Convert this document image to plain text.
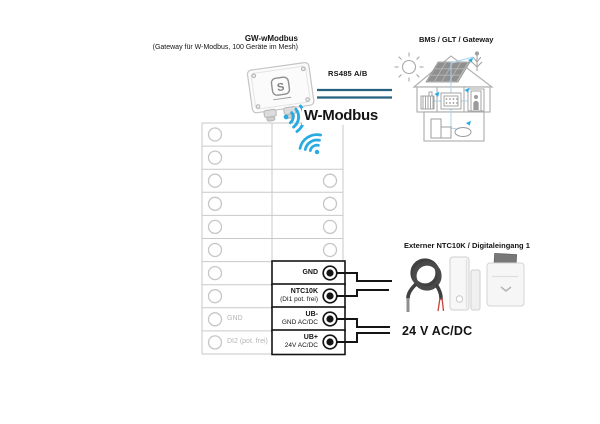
S
GW-wModbus
(Gateway für W-Modbus, 100 Geräte im Mesh)
RS485 A/B
W-Modbus
BMS / GLT / Gateway
Externer NTC10K / Digitaleingang 1
24 V AC/DC
GND
DI2 (pot. frei)
GND
NTC10K
(DI1 pot. frei)
UB-
GND AC/DC
UB+
24V AC/DC
